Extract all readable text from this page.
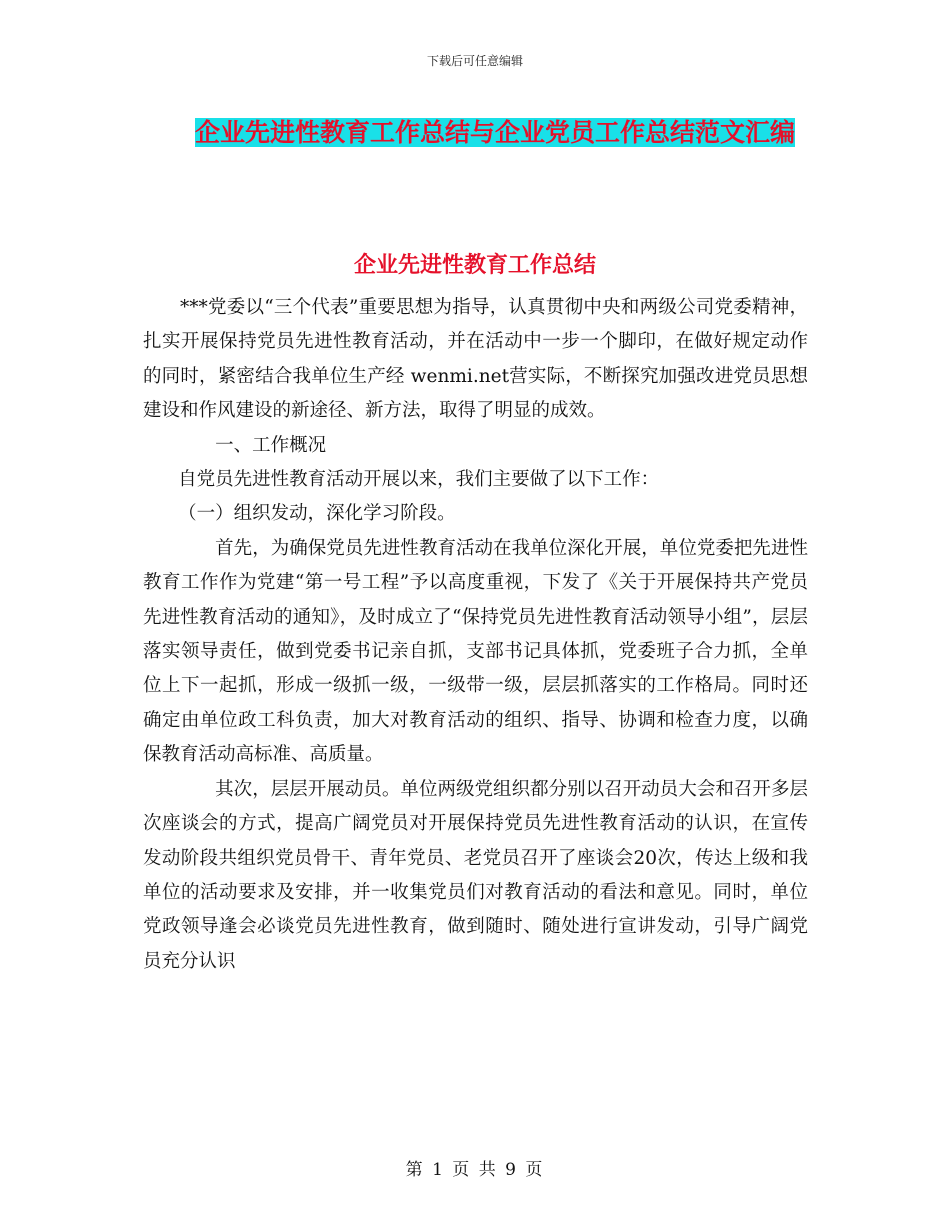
下载后可任意编辑
企业先进性教育工作总结与企业党员工作总结范文汇编
企业先进性教育工作总结

***党委以“三个代表”重要思想为指导，认真贯彻中央和两级公司党委精神，扎实开展保持党员先进性教育活动，并在活动中一步一个脚印，在做好规定动作的同时，紧密结合我单位生产经 wenmi.net营实际，不断探究加强改进党员思想建设和作风建设的新途径、新方法，取得了明显的成效。

一、工作概况

自党员先进性教育活动开展以来，我们主要做了以下工作：

（一）组织发动，深化学习阶段。

首先，为确保党员先进性教育活动在我单位深化开展，单位党委把先进性教育工作作为党建“第一号工程”予以高度重视，下发了《关于开展保持共产党员先进性教育活动的通知》，及时成立了“保持党员先进性教育活动领导小组”，层层落实领导责任，做到党委书记亲自抓，支部书记具体抓，党委班子合力抓，全单位上下一起抓，形成一级抓一级，一级带一级，层层抓落实的工作格局。同时还确定由单位政工科负责，加大对教育活动的组织、指导、协调和检查力度，以确保教育活动高标准、高质量。

其次，层层开展动员。单位两级党组织都分别以召开动员大会和召开多层次座谈会的方式，提高广阔党员对开展保持党员先进性教育活动的认识，在宣传发动阶段共组织党员骨干、青年党员、老党员召开了座谈会20次，传达上级和我单位的活动要求及安排，并一收集党员们对教育活动的看法和意见。同时，单位党政领导逢会必谈党员先进性教育，做到随时、随处进行宣讲发动，引导广阔党员充分认识

第 1 页 共 9 页
